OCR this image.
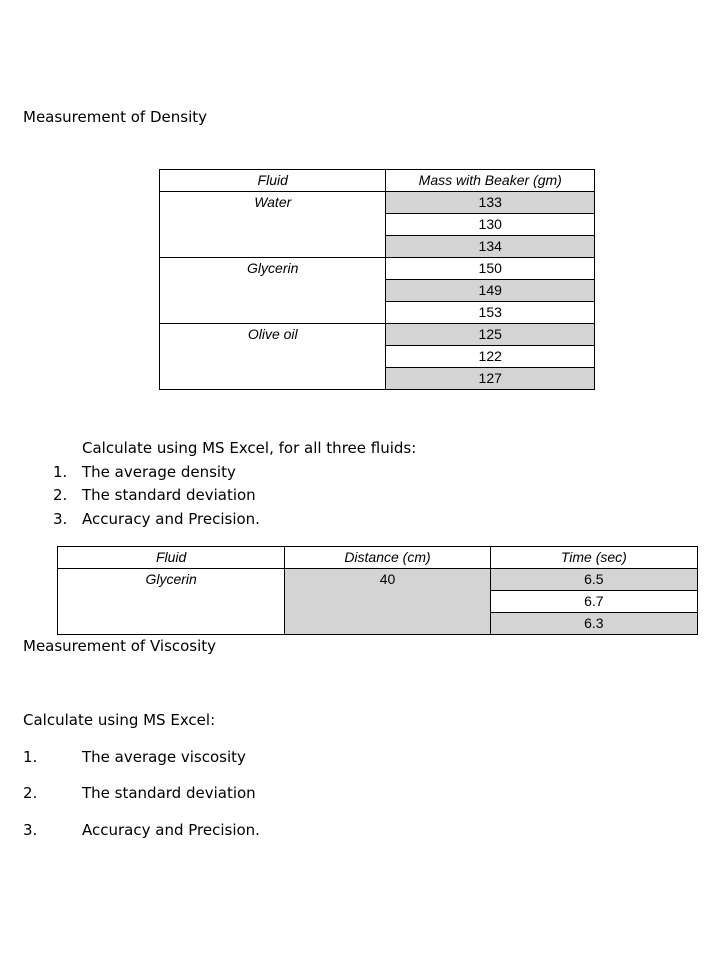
Measurement of Density
Fluid	Mass with Beaker (gm)
Water	133
	130
	134
Glycerin	150
	149
	153
Olive oil	125
	122
	127
Calculate using MS Excel, for all three fluids:
1. The average density
2. The standard deviation
3. Accuracy and Precision.
Fluid	Distance (cm)	Time (sec)
Glycerin	40	6.5
		6.7
		6.3
Measurement of Viscosity
Calculate using MS Excel:
1.	The average viscosity
2.	The standard deviation
3.	Accuracy and Precision.
